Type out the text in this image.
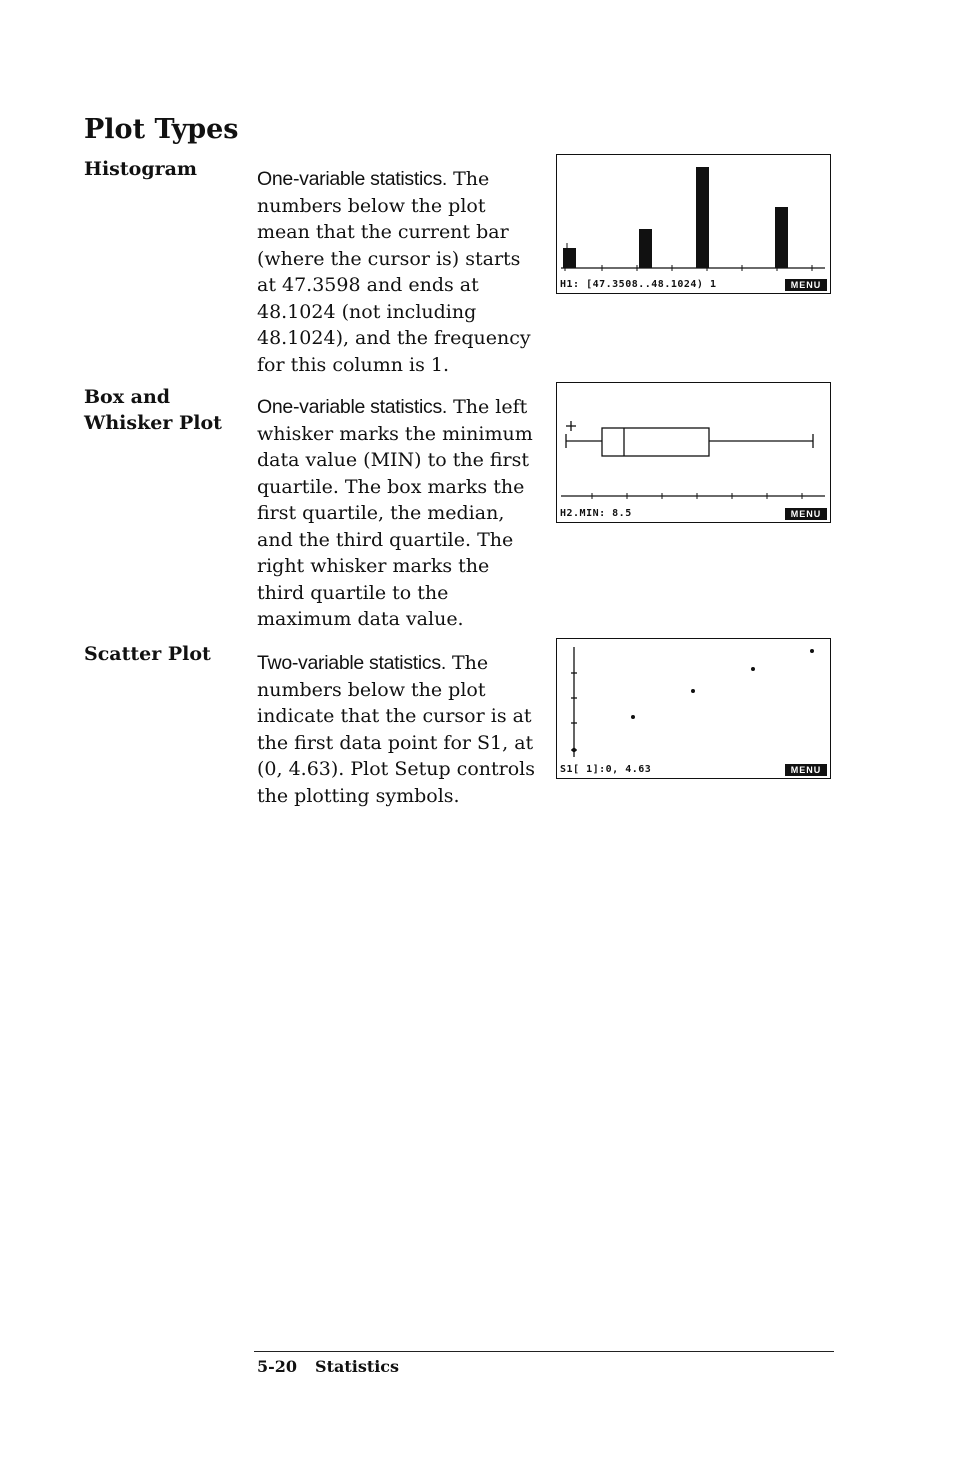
Plot Types
Histogram	One-variable statistics. The numbers below the plot mean that the current bar (where the cursor is) starts at 47.3598 and ends at 48.1024 (not including 48.1024), and the frequency for this column is 1.

H1: [47.3508..48.1024) 1	MENU
Box and Whisker Plot

One-variable statistics. The left whisker marks the minimum data value (MIN) to the first quartile. The box marks the first quartile, the median, and the third quartile. The right whisker marks the third quartile to the maximum data value.

H2.MIN: 8.5	MENU
Scatter Plot	Two-variable statistics. The numbers below the plot indicate that the cursor is at the first data point for S1, at (0, 4.63). Plot Setup controls the plotting symbols.

S1[ 1]:0, 4.63	MENU
5-20 Statistics
